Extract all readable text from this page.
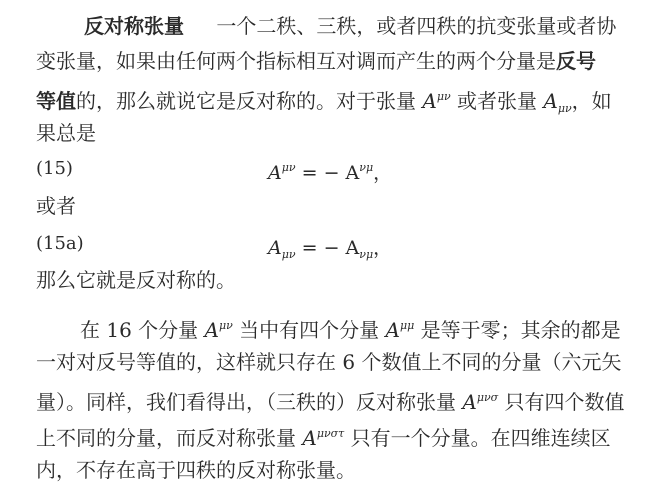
反对称张量 一个二秩、三秩，或者四秩的抗变张量或者协
变张量，如果由任何两个指标相互对调而产生的两个分量是反号
等值的，那么就说它是反对称的。对于张量 $A^{\mu\nu}$ 或者张量 $A_{\mu\nu}$，如
果总是
(15)	$A^{\mu\nu}$ = − $A^{\nu\mu}$，
或者
(15a)	$A_{\mu\nu}$ = − $A_{\nu\mu}$，
那么它就是反对称的。
在 16 个分量 $A^{\mu\nu}$ 当中有四个分量 $A^{\mu\mu}$ 是等于零；其余的都是
一对对反号等值的，这样就只存在 6 个数值上不同的分量（六元矢
量）。同样，我们看得出，（三秩的）反对称张量 $A^{\mu\nu\sigma}$ 只有四个数值
上不同的分量，而反对称张量 $A^{\mu\nu\sigma\tau}$ 只有一个分量。在四维连续区
内，不存在高于四秩的反对称张量。
